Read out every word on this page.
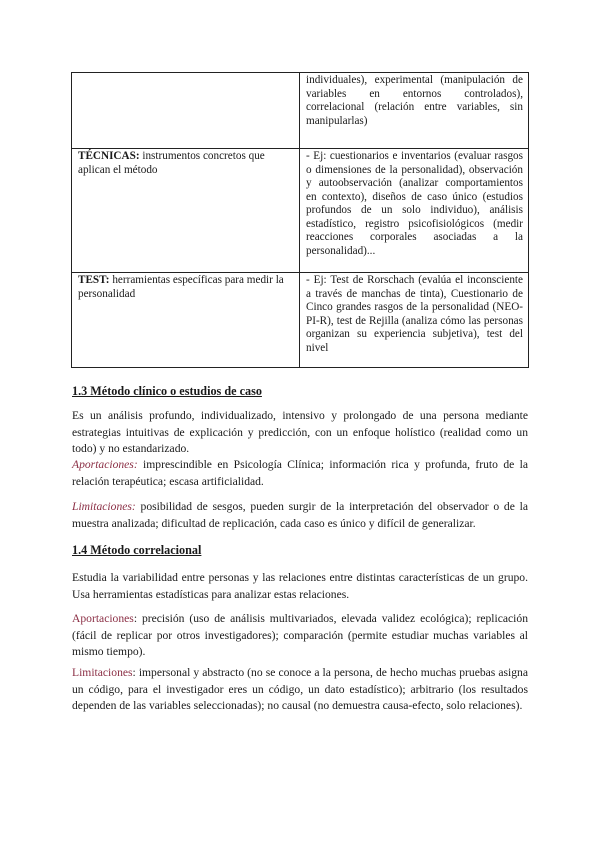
	individuales), experimental (manipulación de variables en entornos controlados), correlacional (relación entre variables, sin manipularlas)

TÉCNICAS: instrumentos concretos que aplican el método	- Ej: cuestionarios e inventarios (evaluar rasgos o dimensiones de la personalidad), observación y autoobservación (analizar comportamientos en contexto), diseños de caso único (estudios profundos de un solo individuo), análisis estadístico, registro psicofisiológicos (medir reacciones corporales asociadas a la personalidad)...

TEST: herramientas específicas para medir la personalidad	- Ej: Test de Rorschach (evalúa el inconsciente a través de manchas de tinta), Cuestionario de Cinco grandes rasgos de la personalidad (NEO-PI-R), test de Rejilla (analiza cómo las personas organizan su experiencia subjetiva), test del nivel
1.3 Método clínico o estudios de caso
Es un análisis profundo, individualizado, intensivo y prolongado de una persona mediante estrategias intuitivas de explicación y predicción, con un enfoque holístico (realidad como un todo) y no estandarizado.
Aportaciones: imprescindible en Psicología Clínica; información rica y profunda, fruto de la relación terapéutica; escasa artificialidad.
Limitaciones: posibilidad de sesgos, pueden surgir de la interpretación del observador o de la muestra analizada; dificultad de replicación, cada caso es único y difícil de generalizar.
1.4 Método correlacional
Estudia la variabilidad entre personas y las relaciones entre distintas características de un grupo. Usa herramientas estadísticas para analizar estas relaciones.
Aportaciones: precisión (uso de análisis multivariados, elevada validez ecológica); replicación (fácil de replicar por otros investigadores); comparación (permite estudiar muchas variables al mismo tiempo).
Limitaciones: impersonal y abstracto (no se conoce a la persona, de hecho muchas pruebas asigna un código, para el investigador eres un código, un dato estadístico); arbitrario (los resultados dependen de las variables seleccionadas); no causal (no demuestra causa-efecto, solo relaciones).
